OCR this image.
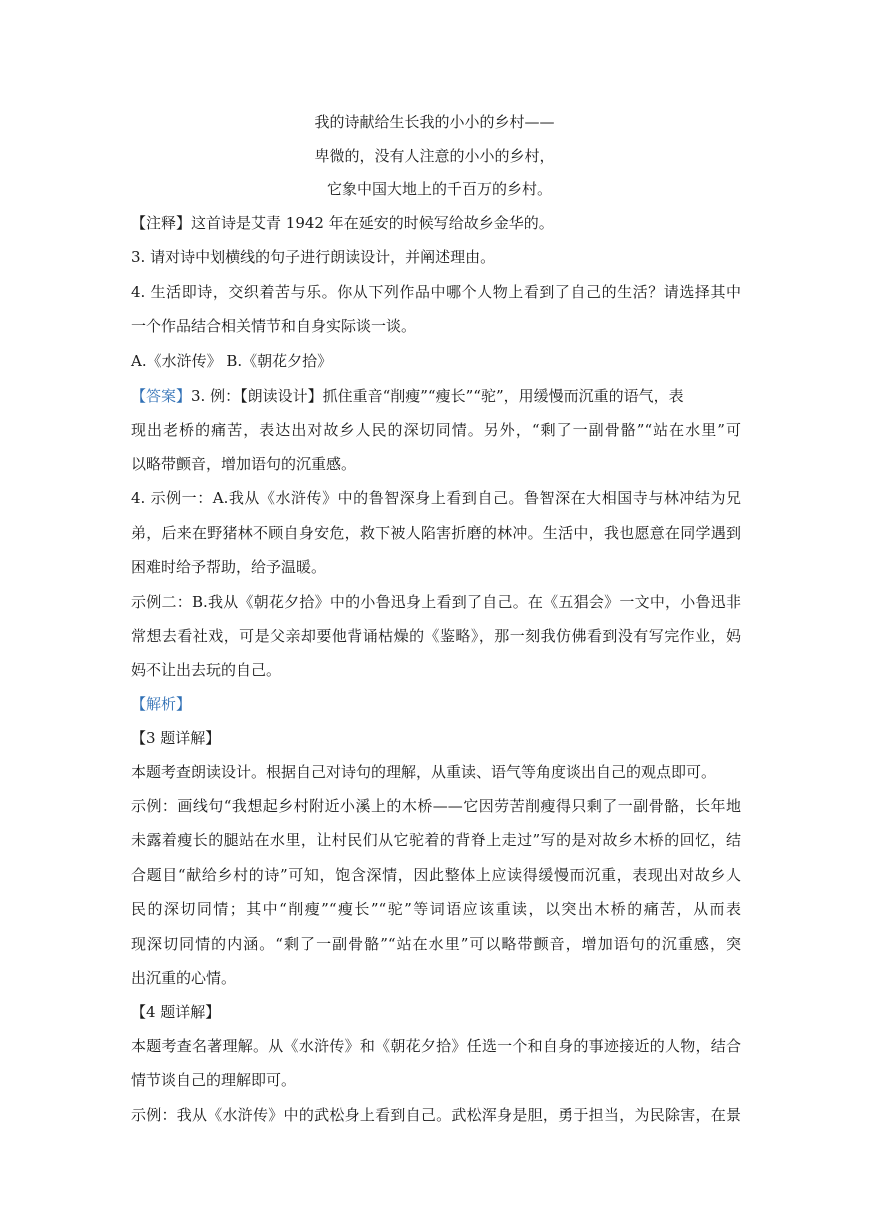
我的诗献给生长我的小小的乡村——
卑微的，没有人注意的小小的乡村，
它象中国大地上的千百万的乡村。
【注释】这首诗是艾青 1942 年在延安的时候写给故乡金华的。
3. 请对诗中划横线的句子进行朗读设计，并阐述理由。
4. 生活即诗，交织着苦与乐。你从下列作品中哪个人物上看到了自己的生活？请选择其中
一个作品结合相关情节和自身实际谈一谈。
A.《水浒传》 B.《朝花夕拾》
【答案】3. 例：【朗读设计】抓住重音“削瘦”“瘦长”“驼”，用缓慢而沉重的语气，表
现出老桥的痛苦，表达出对故乡人民的深切同情。另外，“剩了一副骨骼”“站在水里”可
以略带颤音，增加语句的沉重感。
4. 示例一：A.我从《水浒传》中的鲁智深身上看到自己。鲁智深在大相国寺与林冲结为兄
弟，后来在野猪林不顾自身安危，救下被人陷害折磨的林冲。生活中，我也愿意在同学遇到
困难时给予帮助，给予温暖。
示例二：B.我从《朝花夕拾》中的小鲁迅身上看到了自己。在《五猖会》一文中，小鲁迅非
常想去看社戏，可是父亲却要他背诵枯燥的《鉴略》，那一刻我仿佛看到没有写完作业，妈
妈不让出去玩的自己。
【解析】
【3 题详解】
本题考查朗读设计。根据自己对诗句的理解，从重读、语气等角度谈出自己的观点即可。
示例：画线句“我想起乡村附近小溪上的木桥——它因劳苦削瘦得只剩了一副骨骼，长年地
未露着瘦长的腿站在水里，让村民们从它驼着的背脊上走过”写的是对故乡木桥的回忆，结
合题目“献给乡村的诗”可知，饱含深情，因此整体上应读得缓慢而沉重，表现出对故乡人
民的深切同情；其中“削瘦”“瘦长”“驼”等词语应该重读，以突出木桥的痛苦，从而表
现深切同情的内涵。“剩了一副骨骼”“站在水里”可以略带颤音，增加语句的沉重感，突
出沉重的心情。
【4 题详解】
本题考查名著理解。从《水浒传》和《朝花夕拾》任选一个和自身的事迹接近的人物，结合
情节谈自己的理解即可。
示例：我从《水浒传》中的武松身上看到自己。武松浑身是胆，勇于担当，为民除害，在景
